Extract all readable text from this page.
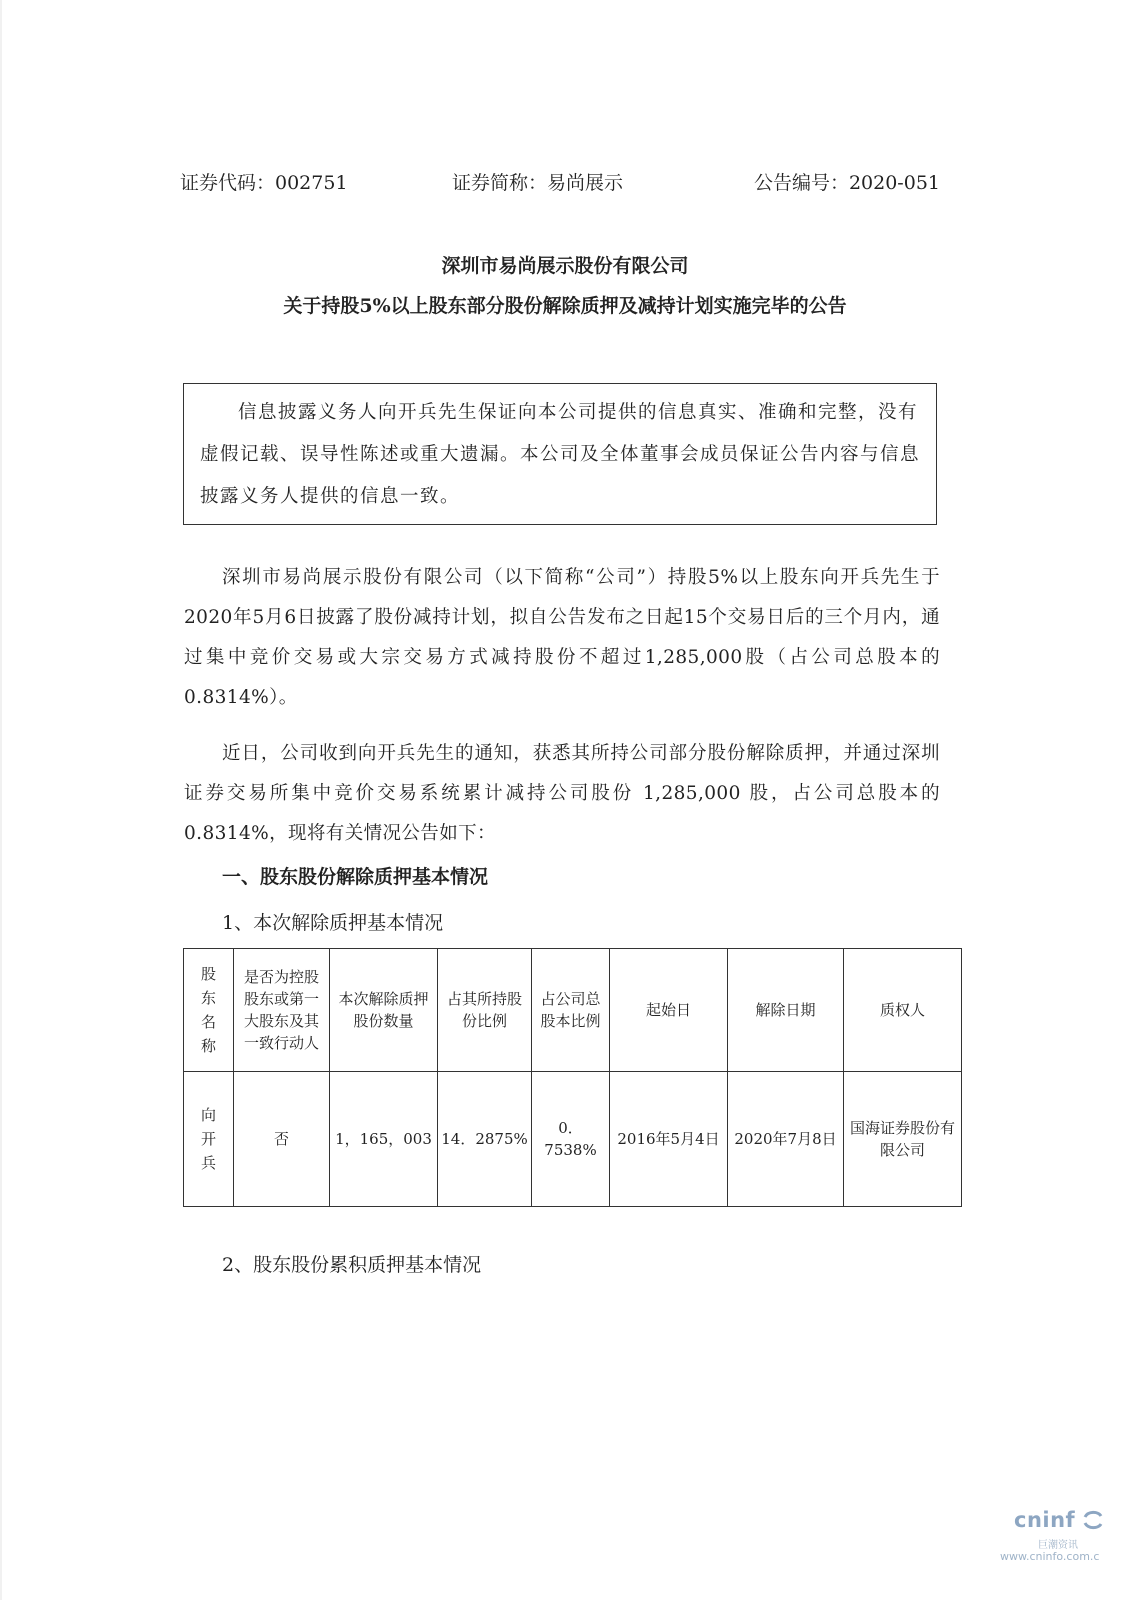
证券代码：002751	证券简称：易尚展示	公告编号：2020-051
深圳市易尚展示股份有限公司
关于持股5%以上股东部分股份解除质押及减持计划实施完毕的公告
信息披露义务人向开兵先生保证向本公司提供的信息真实、准确和完整，没有虚假记载、误导性陈述或重大遗漏。本公司及全体董事会成员保证公告内容与信息披露义务人提供的信息一致。
深圳市易尚展示股份有限公司（以下简称“公司”）持股5%以上股东向开兵先生于2020年5月6日披露了股份减持计划，拟自公告发布之日起15个交易日后的三个月内，通过集中竞价交易或大宗交易方式减持股份不超过1,285,000股（占公司总股本的0.8314%）。
近日，公司收到向开兵先生的通知，获悉其所持公司部分股份解除质押，并通过深圳证券交易所集中竞价交易系统累计减持公司股份 1,285,000 股，占公司总股本的 0.8314%，现将有关情况公告如下：
一、股东股份解除质押基本情况
1、本次解除质押基本情况
股东名称	是否为控股股东或第一大股东及其一致行动人	本次解除质押股份数量	占其所持股份比例	占公司总股本比例	起始日	解除日期	质权人

向开兵	否	1，165，003	14．2875%	0．7538%	2016年5月4日	2020年7月8日	国海证券股份有限公司
2、股东股份累积质押基本情况
cninf
巨潮资讯
www.cninfo.com.c
